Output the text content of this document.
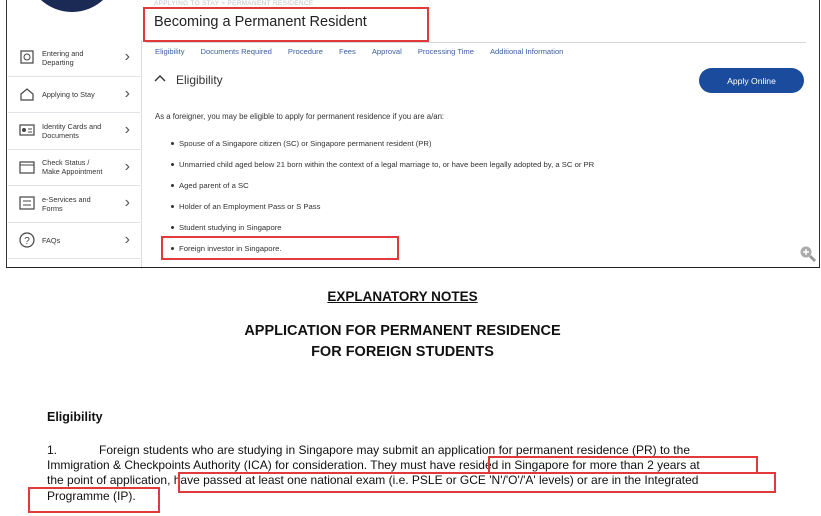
APPLYING TO STAY > PERMANENT RESIDENCE
Becoming a Permanent Resident
Entering and Departing	›
Applying to Stay	›
Identity Cards and Documents	›
Check Status / Make Appointment ›
e-Services and Forms	›
? FAQs	›
Eligibility Documents Required Procedure Fees Approval Processing Time Additional Information
Eligibility	Apply Online
As a foreigner, you may be eligible to apply for permanent residence if you are a/an:
Spouse of a Singapore citizen (SC) or Singapore permanent resident (PR)
Unmarried child aged below 21 born within the context of a legal marriage to, or have been legally adopted by, a SC or PR
Aged parent of a SC
Holder of an Employment Pass or S Pass
Student studying in Singapore
Foreign investor in Singapore.
EXPLANATORY NOTES
APPLICATION FOR PERMANENT RESIDENCE
FOR FOREIGN STUDENTS
Eligibility
1.	Foreign students who are studying in Singapore may submit an application for permanent residence (PR) to the
Immigration & Checkpoints Authority (ICA) for consideration. They must have resided in Singapore for more than 2 years at
the point of application, have passed at least one national exam (i.e. PSLE or GCE 'N'/'O'/'A' levels) or are in the Integrated
Programme (IP).
